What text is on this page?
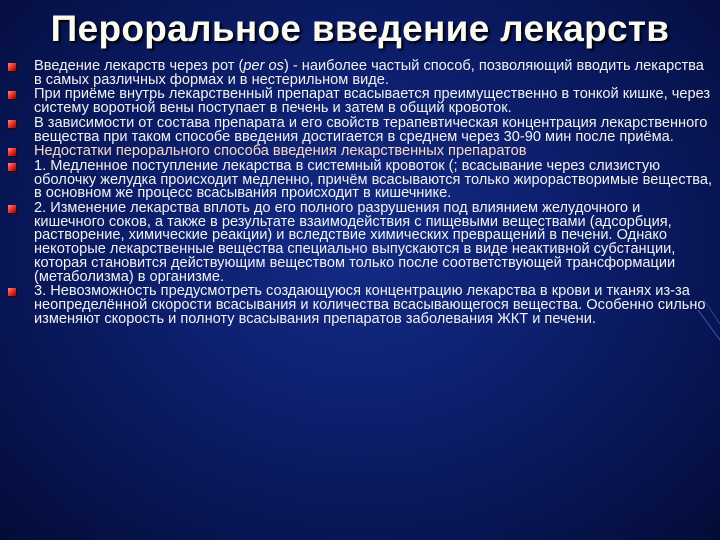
Пероральное введение лекарств
Введение лекарств через рот (per os) - наиболее частый способ, позволяющий вводить лекарства в самых различных формах и в нестерильном виде.
При приёме внутрь лекарственный препарат всасывается преимущественно в тонкой кишке, через систему воротной вены поступает в печень и затем в общий кровоток.
В зависимости от состава препарата и его свойств терапевтическая концентрация лекарственного вещества при таком способе введения достигается в среднем через 30-90 мин после приёма.
Недостатки перорального способа введения лекарственных препаратов
1. Медленное поступление лекарства в системный кровоток (; всасывание через слизистую оболочку желудка происходит медленно, причём всасываются только жирорастворимые вещества, в основном же процесс всасывания происходит в кишечнике.
2. Изменение лекарства вплоть до его полного разрушения под влиянием желудочного и кишечного соков, а также в результате взаимодействия с пищевыми веществами (адсорбция, растворение, химические реакции) и вследствие химических превращений в печени. Однако некоторые лекарственные вещества специально выпускаются в виде неактивной субстанции, которая становится действующим веществом только после соответствующей трансформации (метаболизма) в организме.
3. Невозможность предусмотреть создающуюся концентрацию лекарства в крови и тканях из-за неопределённой скорости всасывания и количества всасывающегося вещества. Особенно сильно изменяют скорость и полноту всасывания препаратов заболевания ЖКТ и печени.
